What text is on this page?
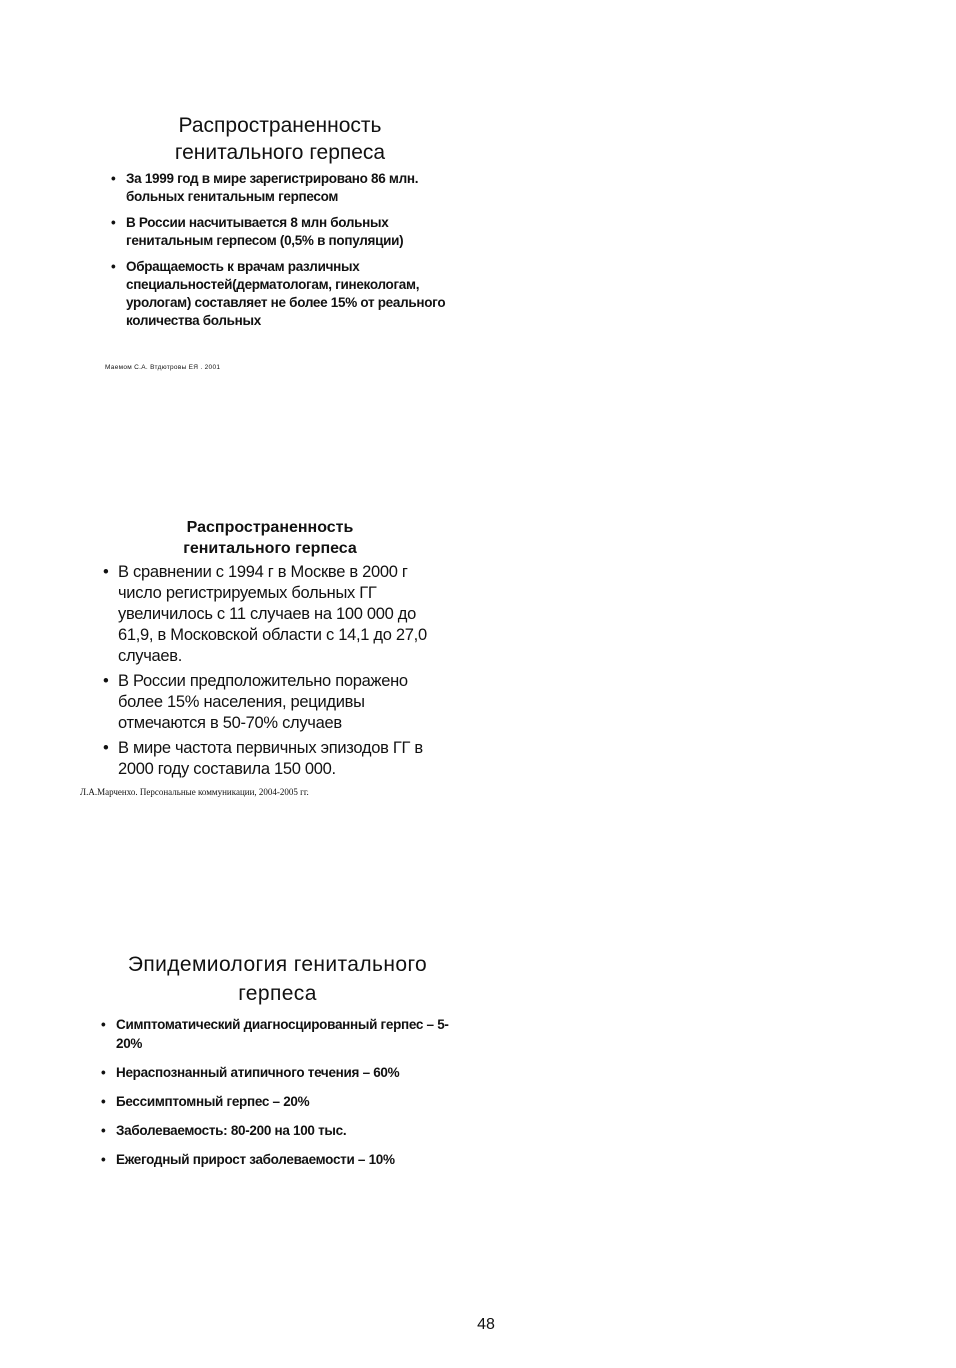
Распространенность
генитального герпеса
• За 1999 год в мире зарегистрировано 86 млн. больных генитальным герпесом
• В России насчитывается 8 млн больных генитальным герпесом (0,5% в популяции)
• Обращаемость к врачам различных специальностей(дерматологам, гинекологам, урологам) составляет не более 15% от реального количества больных
Маемом С.А. Втдютровы ЕЯ . 2001
Распространенность
генитального герпеса
• В сравнении с 1994 г в Москве в 2000 г число регистрируемых больных ГГ увеличилось с 11 случаев на 100 000 до 61,9, в Московской области с 14,1 до 27,0 случаев.
• В России предположительно поражено более 15% населения, рецидивы отмечаются в 50-70% случаев
• В мире частота первичных эпизодов ГГ в 2000 году составила 150 000.
Л.А.Марченхо. Персональные коммуникации, 2004-2005 гг.
Эпидемиология генитального
герпеса
• Симптоматический диагносцированный герпес – 5-20%
• Нераспознанный атипичного течения – 60%
• Бессимптомный герпес – 20%
• Заболеваемость: 80-200 на 100 тыс.
• Ежегодный прирост заболеваемости – 10%
48
